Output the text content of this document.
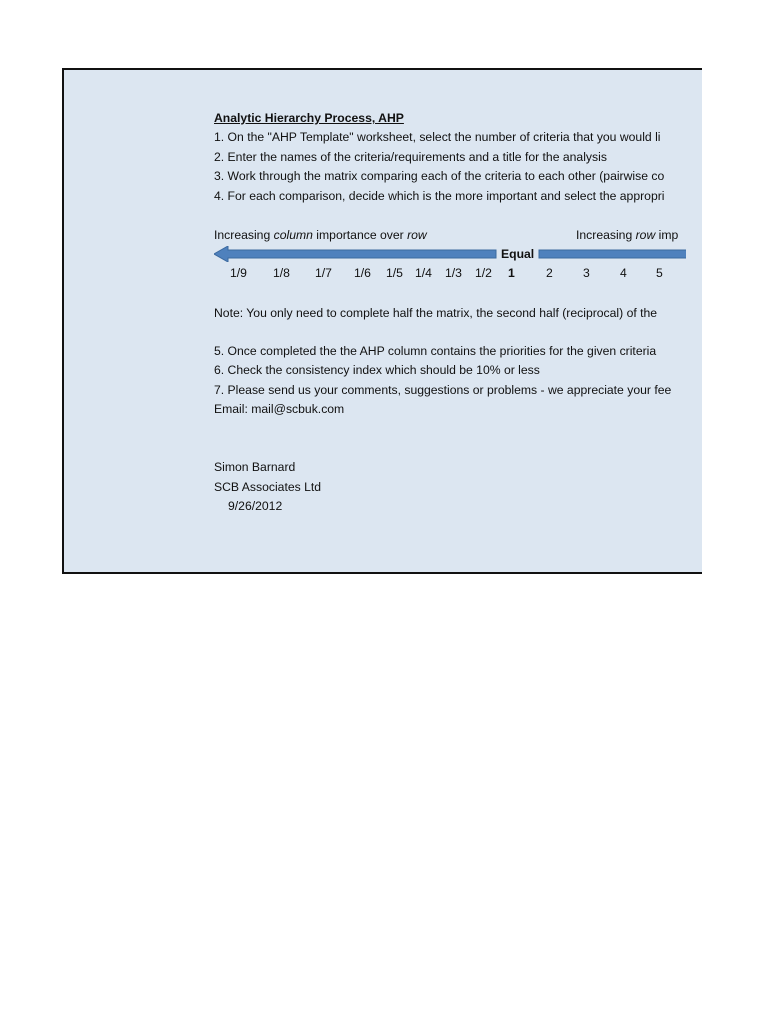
Analytic Hierarchy Process, AHP
1. On the "AHP Template" worksheet, select the number of criteria that you would li
2. Enter the names of the criteria/requirements and a title for the analysis
3. Work through the matrix comparing each of the criteria to each other (pairwise co
4. For each comparison, decide which is the more important and select the appropri
Increasing column importance over row	Increasing row imp
Equal
1/9 1/8 1/7 1/6 1/5 1/4 1/3 1/2 1	2 3 4 5
Note: You only need to complete half the matrix, the second half (reciprocal) of the
5. Once completed the the AHP column contains the priorities for the given criteria
6. Check the consistency index which should be 10% or less
7. Please send us your comments, suggestions or problems - we appreciate your fee
Email: mail@scbuk.com
Simon Barnard
SCB Associates Ltd
9/26/2012
